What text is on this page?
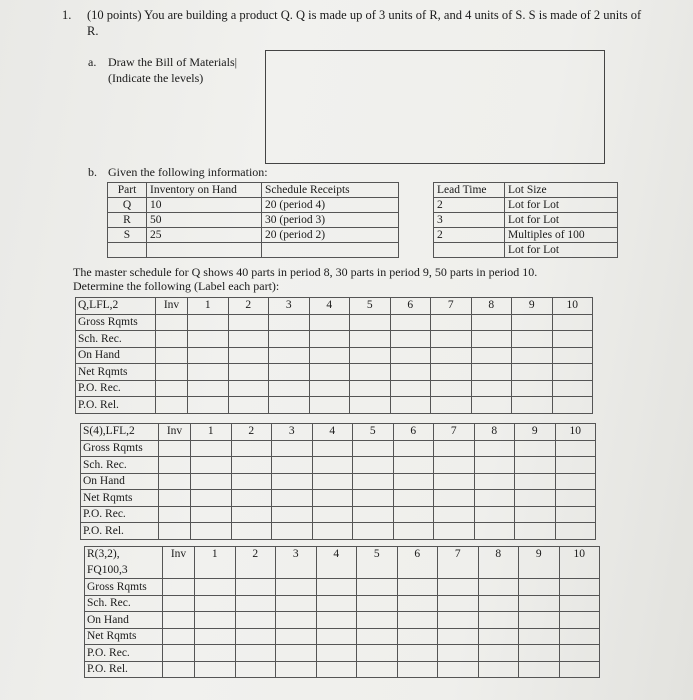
1. (10 points) You are building a product Q. Q is made up of 3 units of R, and 4 units of S. S is made of 2 units of R.
a. Draw the Bill of Materials|
(Indicate the levels)
b. Given the following information:
Part	Inventory on Hand	Schedule Receipts		Lead Time	Lot Size
Q	10	20 (period 4)		2	Lot for Lot
R	50	30 (period 3)		3	Lot for Lot
S	25	20 (period 2)		2	Multiples of 100
					Lot for Lot
The master schedule for Q shows 40 parts in period 8, 30 parts in period 9, 50 parts in period 10.
Determine the following (Label each part):
Q,LFL,2	Inv	1	2	3	4	5	6	7	8	9	10
Gross Rqmts											
Sch. Rec.											
On Hand											
Net Rqmts											
P.O. Rec.											
P.O. Rel.											
S(4),LFL,2	Inv	1	2	3	4	5	6	7	8	9	10
Gross Rqmts											
Sch. Rec.											
On Hand											
Net Rqmts											
P.O. Rec.											
P.O. Rel.											
R(3,2),
FQ100,3	Inv	1	2	3	4	5	6	7	8	9	10
Gross Rqmts											
Sch. Rec.											
On Hand											
Net Rqmts											
P.O. Rec.											
P.O. Rel.											
